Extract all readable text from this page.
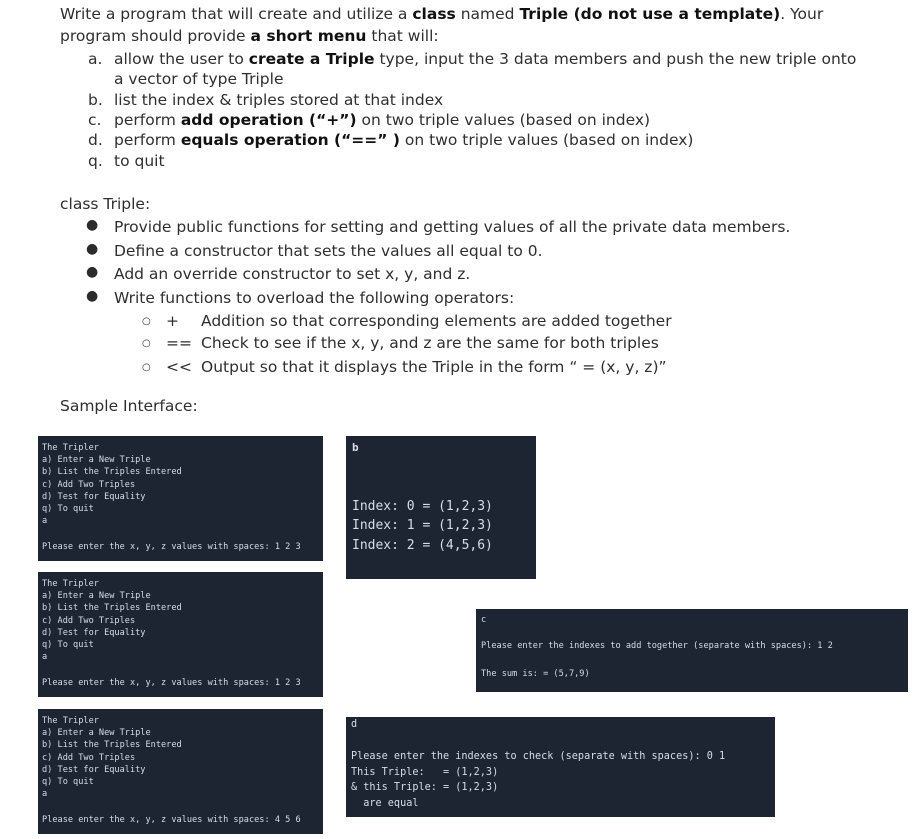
Write a program that will create and utilize a class named Triple (do not use a template). Your
program should provide a short menu that will:
a. allow the user to create a Triple type, input the 3 data members and push the new triple onto
a vector of type Triple
b. list the index & triples stored at that index
c. perform add operation (“+”) on two triple values (based on index)
d. perform equals operation (“==” ) on two triple values (based on index)
q. to quit
class Triple:
● Provide public functions for setting and getting values of all the private data members.
● Define a constructor that sets the values all equal to 0.
● Add an override constructor to set x, y, and z.
● Write functions to overload the following operators:
○ + Addition so that corresponding elements are added together
○ == Check to see if the x, y, and z are the same for both triples
○ << Output so that it displays the Triple in the form “ = (x, y, z)”
Sample Interface:
The Tripler
a) Enter a New Triple
b) List the Triples Entered
c) Add Two Triples
d) Test for Equality
q) To quit
a
Please enter the x, y, z values with spaces: 1 2 3
The Tripler
a) Enter a New Triple
b) List the Triples Entered
c) Add Two Triples
d) Test for Equality
q) To quit
a
Please enter the x, y, z values with spaces: 1 2 3
The Tripler
a) Enter a New Triple
b) List the Triples Entered
c) Add Two Triples
d) Test for Equality
q) To quit
a
Please enter the x, y, z values with spaces: 4 5 6
b
Index: 0 = (1,2,3)
Index: 1 = (1,2,3)
Index: 2 = (4,5,6)
c
Please enter the indexes to add together (separate with spaces): 1 2
The sum is: = (5,7,9)
d
Please enter the indexes to check (separate with spaces): 0 1
This Triple:   = (1,2,3)
& this Triple: = (1,2,3)
are equal
